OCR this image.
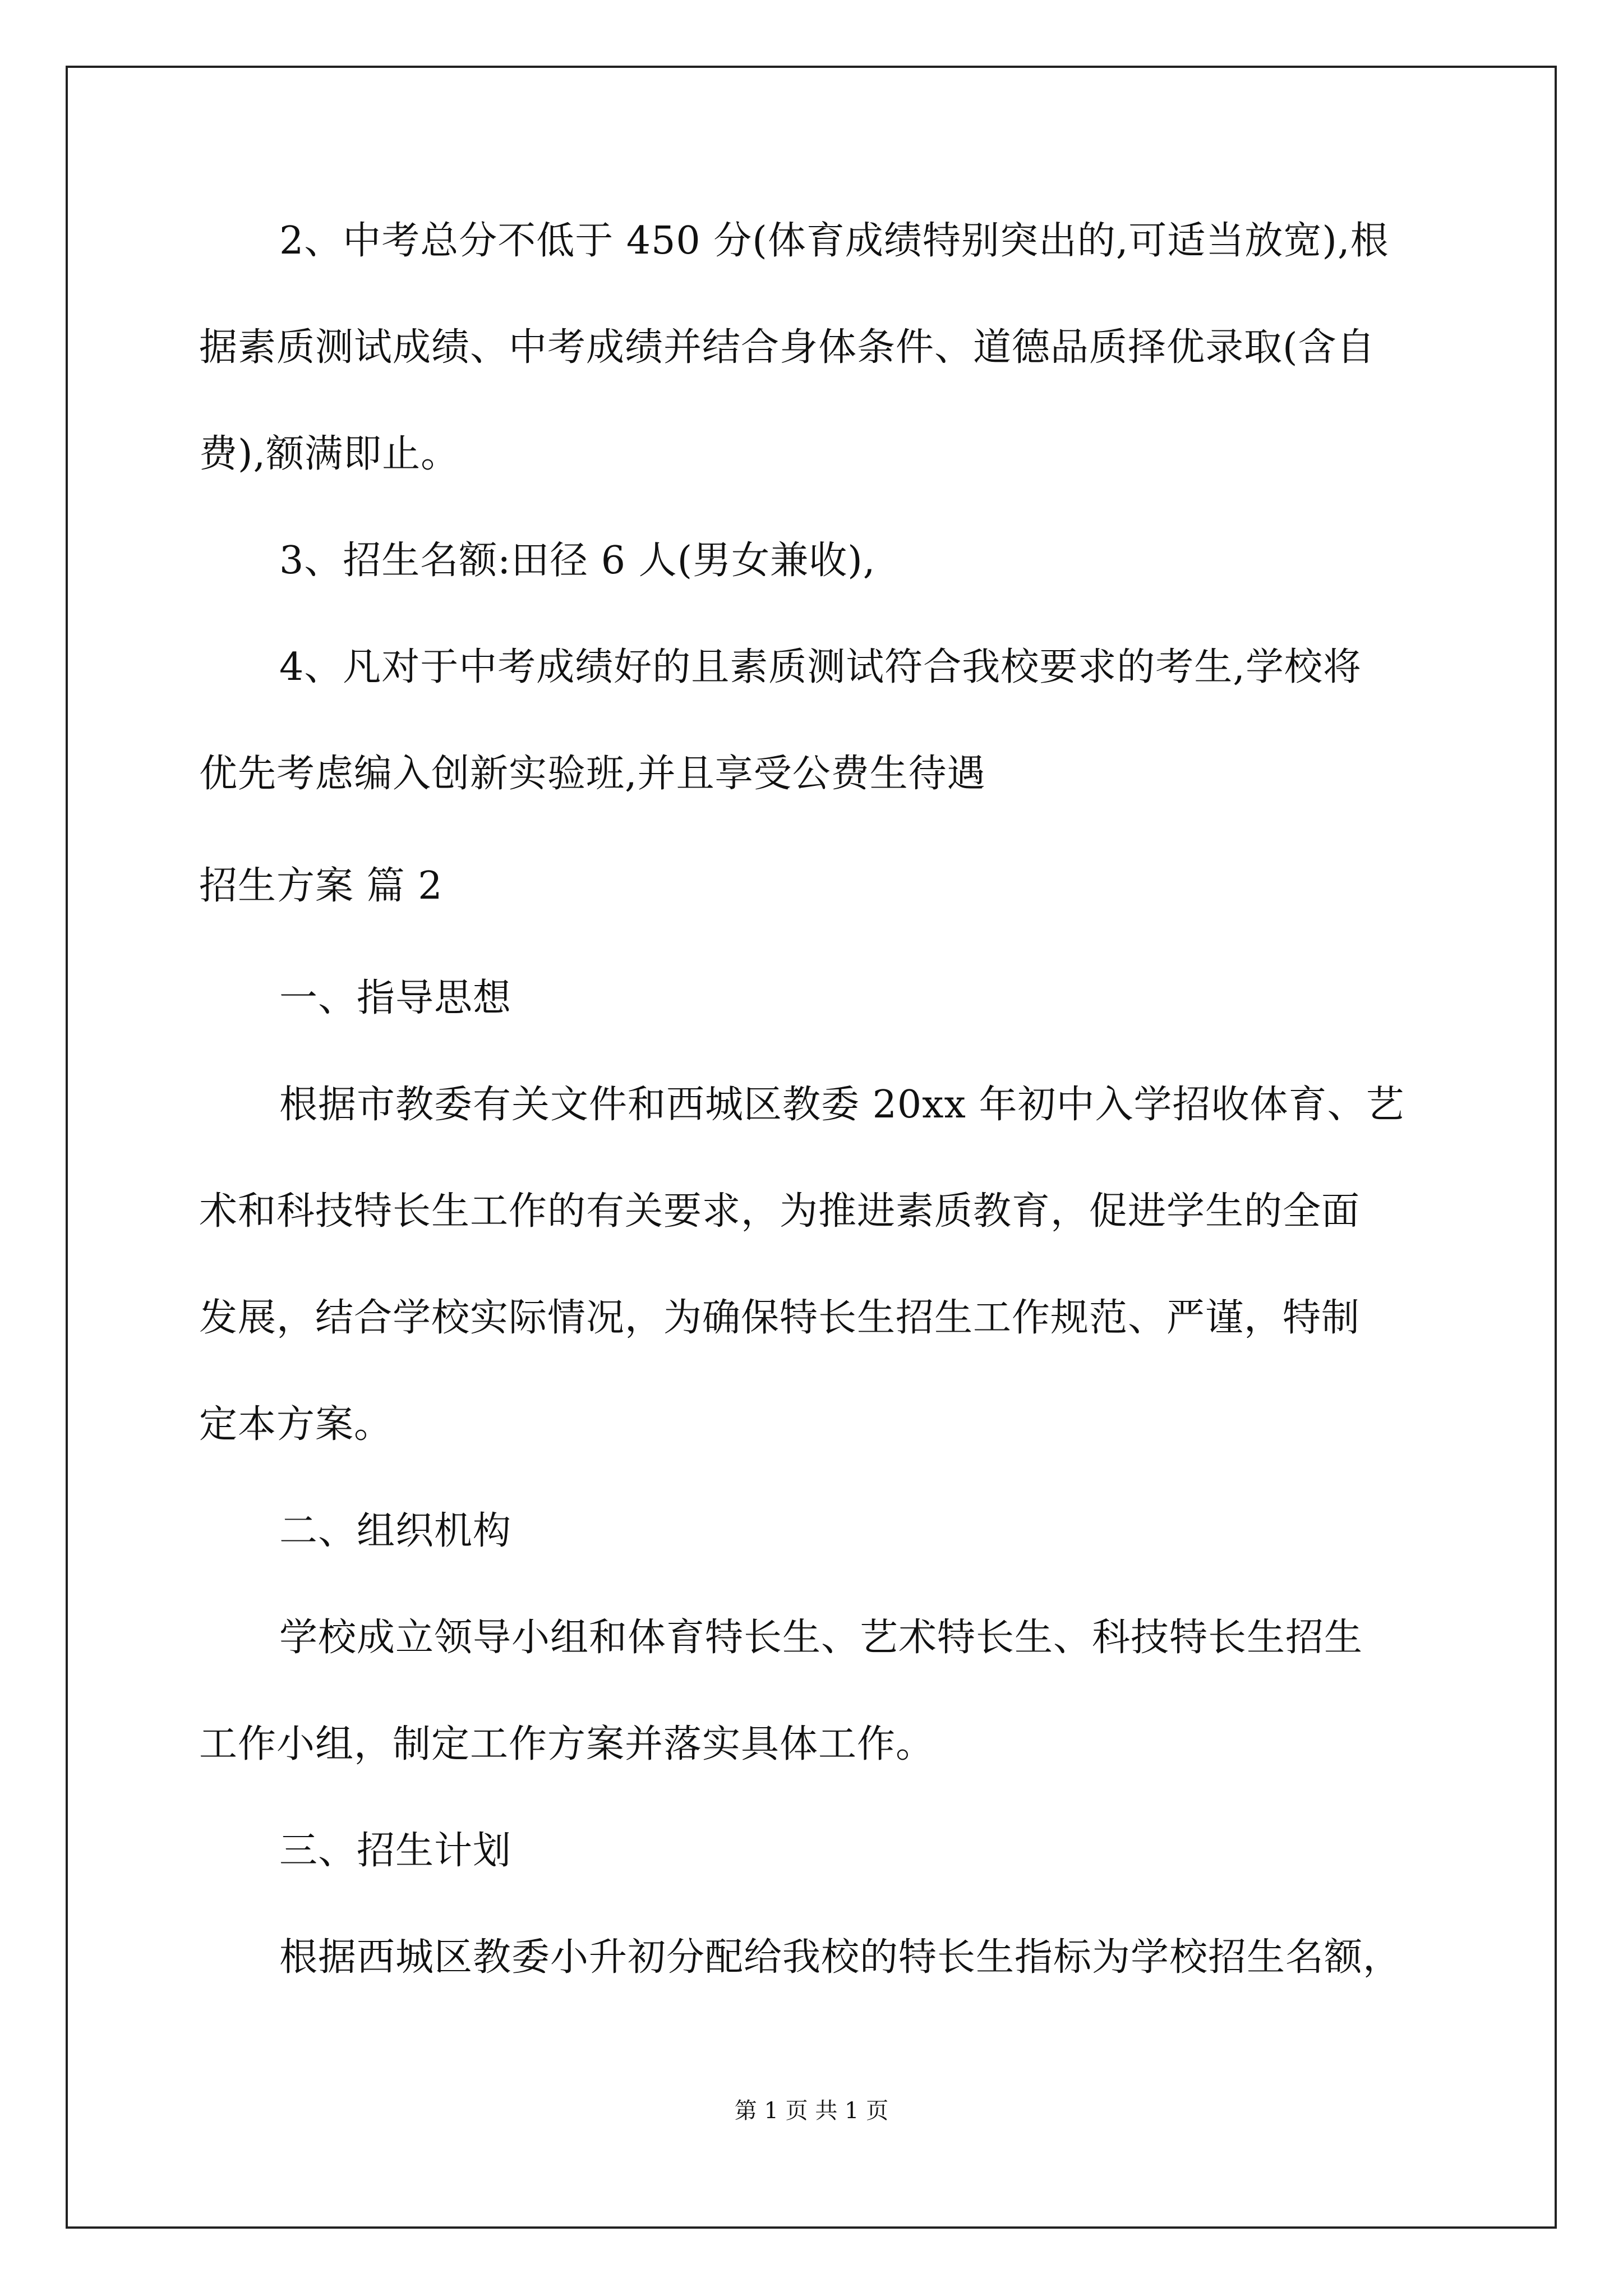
2、中考总分不低于 450 分(体育成绩特别突出的,可适当放宽),根
据素质测试成绩、中考成绩并结合身体条件、道德品质择优录取(含自
费),额满即止。
3、招生名额:田径 6 人(男女兼收),
4、凡对于中考成绩好的且素质测试符合我校要求的考生,学校将
优先考虑编入创新实验班,并且享受公费生待遇
招生方案 篇 2
一、指导思想
根据市教委有关文件和西城区教委 20xx 年初中入学招收体育、艺
术和科技特长生工作的有关要求，为推进素质教育，促进学生的全面
发展，结合学校实际情况，为确保特长生招生工作规范、严谨，特制
定本方案。
二、组织机构
学校成立领导小组和体育特长生、艺术特长生、科技特长生招生
工作小组，制定工作方案并落实具体工作。
三、招生计划
根据西城区教委小升初分配给我校的特长生指标为学校招生名额，
第 1 页 共 1 页
